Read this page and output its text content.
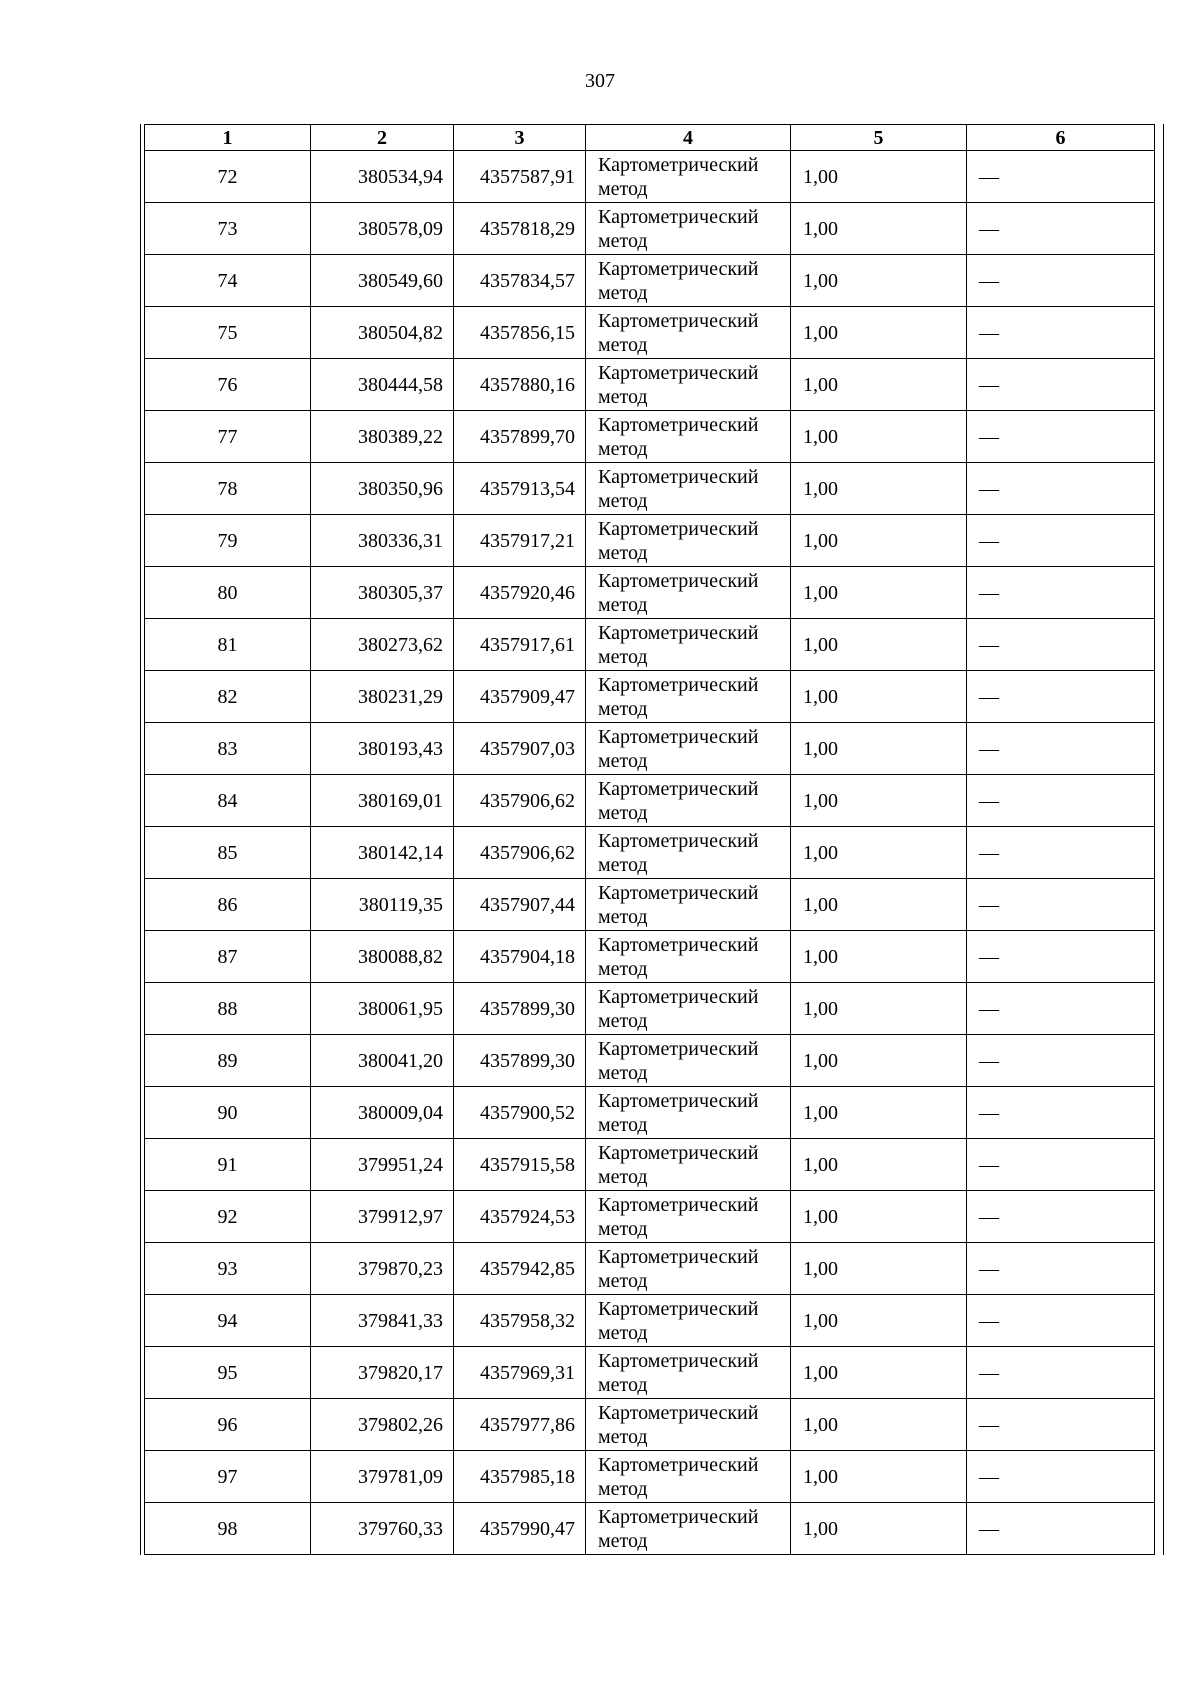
307
1	2	3	4	5	6
72	380534,94	4357587,91	Картометрический метод	1,00	—
73	380578,09	4357818,29	Картометрический метод	1,00	—
74	380549,60	4357834,57	Картометрический метод	1,00	—
75	380504,82	4357856,15	Картометрический метод	1,00	—
76	380444,58	4357880,16	Картометрический метод	1,00	—
77	380389,22	4357899,70	Картометрический метод	1,00	—
78	380350,96	4357913,54	Картометрический метод	1,00	—
79	380336,31	4357917,21	Картометрический метод	1,00	—
80	380305,37	4357920,46	Картометрический метод	1,00	—
81	380273,62	4357917,61	Картометрический метод	1,00	—
82	380231,29	4357909,47	Картометрический метод	1,00	—
83	380193,43	4357907,03	Картометрический метод	1,00	—
84	380169,01	4357906,62	Картометрический метод	1,00	—
85	380142,14	4357906,62	Картометрический метод	1,00	—
86	380119,35	4357907,44	Картометрический метод	1,00	—
87	380088,82	4357904,18	Картометрический метод	1,00	—
88	380061,95	4357899,30	Картометрический метод	1,00	—
89	380041,20	4357899,30	Картометрический метод	1,00	—
90	380009,04	4357900,52	Картометрический метод	1,00	—
91	379951,24	4357915,58	Картометрический метод	1,00	—
92	379912,97	4357924,53	Картометрический метод	1,00	—
93	379870,23	4357942,85	Картометрический метод	1,00	—
94	379841,33	4357958,32	Картометрический метод	1,00	—
95	379820,17	4357969,31	Картометрический метод	1,00	—
96	379802,26	4357977,86	Картометрический метод	1,00	—
97	379781,09	4357985,18	Картометрический метод	1,00	—
98	379760,33	4357990,47	Картометрический метод	1,00	—
